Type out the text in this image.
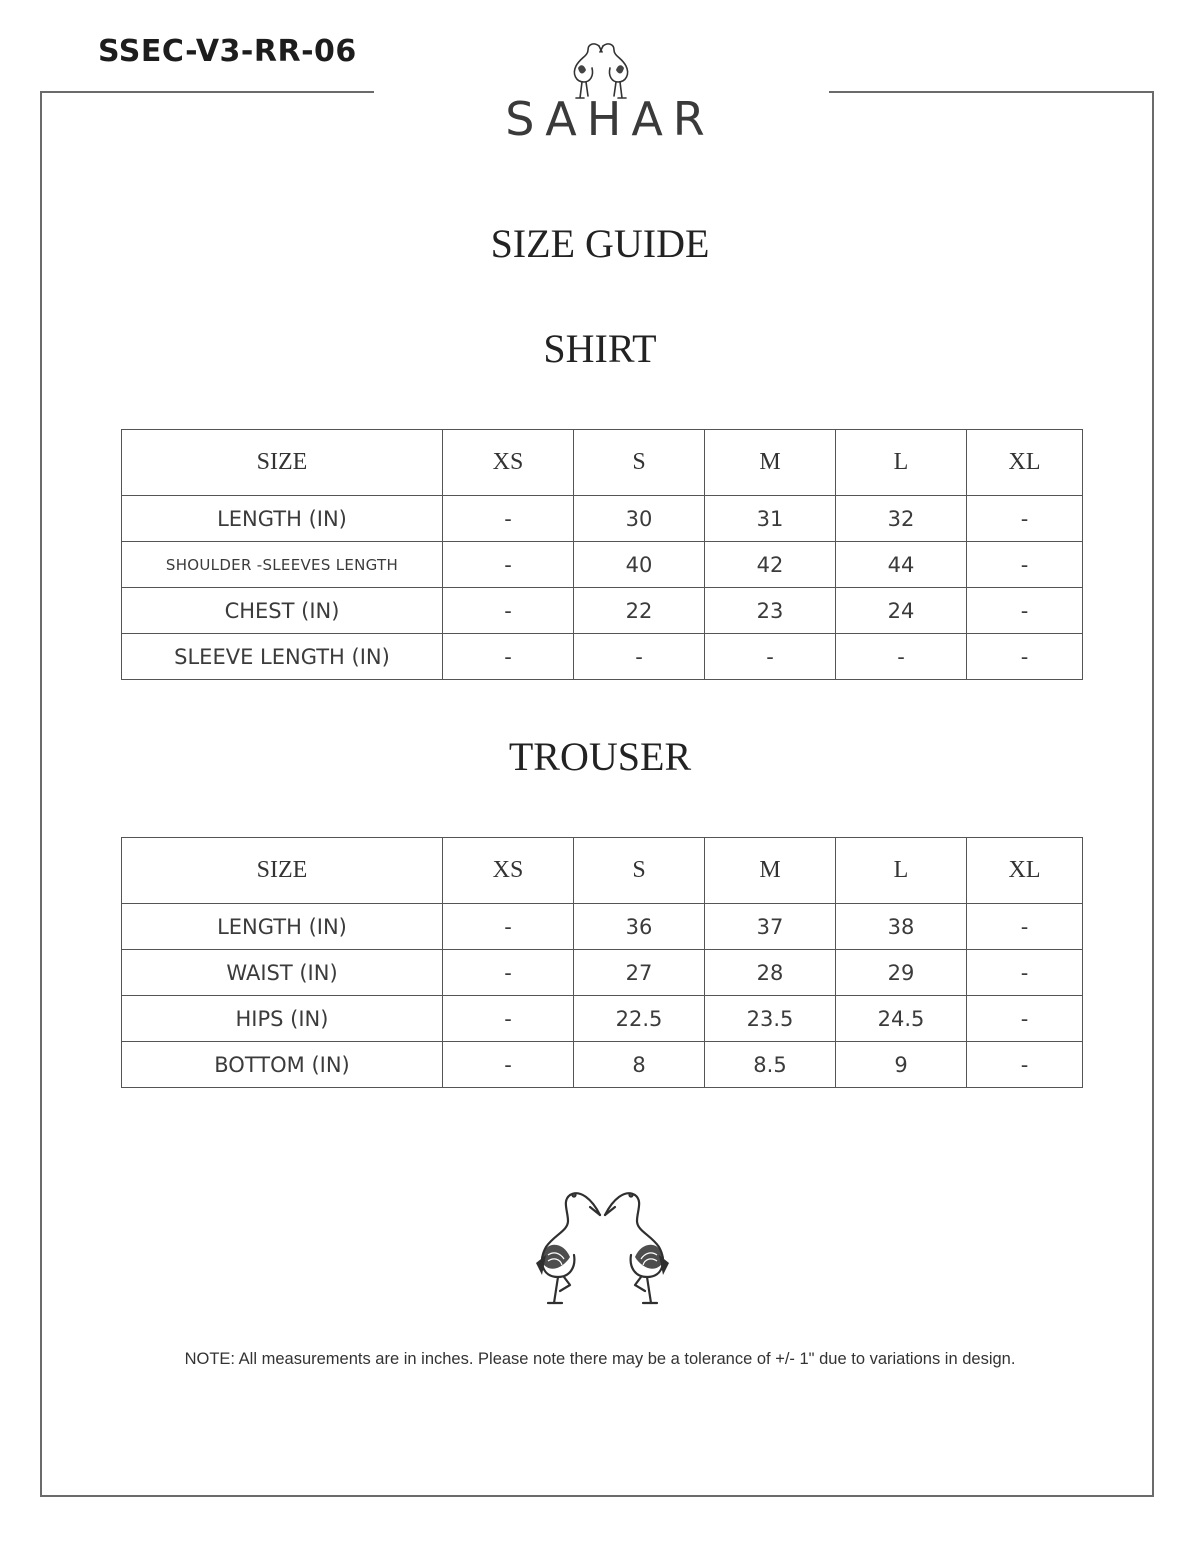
SSEC-V3-RR-06
SAHAR
SIZE GUIDE
SHIRT
SIZE	XS	S	M	L	XL
LENGTH (IN)	-	30	31	32	-
SHOULDER -SLEEVES LENGTH	-	40	42	44	-
CHEST (IN)	-	22	23	24	-
SLEEVE LENGTH (IN)	-	-	-	-	-
TROUSER
SIZE	XS	S	M	L	XL
LENGTH (IN)	-	36	37	38	-
WAIST (IN)	-	27	28	29	-
HIPS (IN)	-	22.5	23.5	24.5	-
BOTTOM (IN)	-	8	8.5	9	-
NOTE: All measurements are in inches. Please note there may be a tolerance of +/- 1" due to variations in design.
